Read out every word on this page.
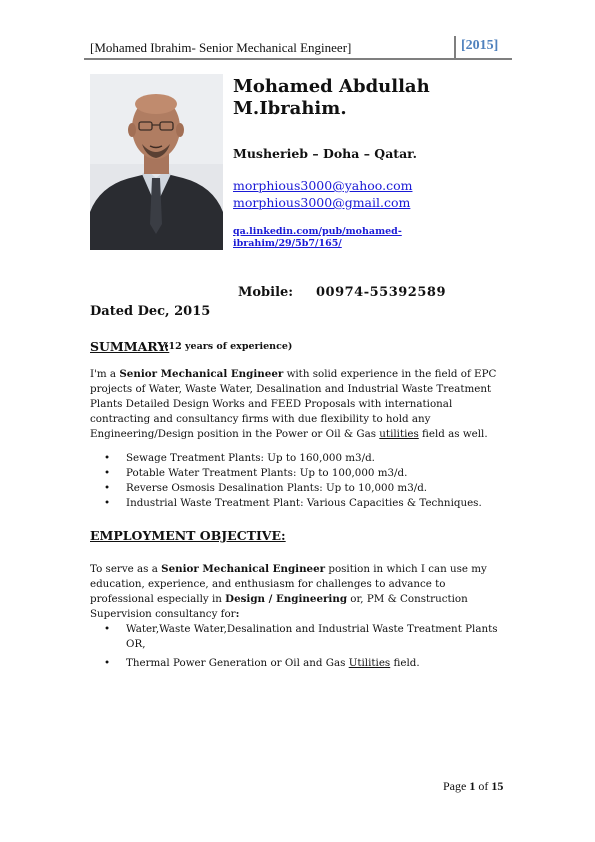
[Mohamed Ibrahim- Senior Mechanical Engineer]	[2015]
Mohamed Abdullah
M.Ibrahim.
Musherieb – Doha – Qatar.
morphious3000@yahoo.com
morphious3000@gmail.com
qa.linkedin.com/pub/mohamed-ibrahim/29/5b7/165/
Mobile: 00974-55392589
Dated Dec, 2015
SUMMARY:
(12 years of experience)
I'm a Senior Mechanical Engineer with solid experience in the field of EPC projects of Water, Waste Water, Desalination and Industrial Waste Treatment Plants Detailed Design Works and FEED Proposals with international contracting and consultancy firms with due flexibility to hold any Engineering/Design position in the Power or Oil & Gas utilities field as well.
• Sewage Treatment Plants: Up to 160,000 m3/d.
• Potable Water Treatment Plants: Up to 100,000 m3/d.
• Reverse Osmosis Desalination Plants: Up to 10,000 m3/d.
• Industrial Waste Treatment Plant: Various Capacities & Techniques.
EMPLOYMENT OBJECTIVE:
To serve as a Senior Mechanical Engineer position in which I can use my education, experience, and enthusiasm for challenges to advance to professional especially in Design / Engineering or, PM & Construction Supervision consultancy for:
• Water,Waste Water,Desalination and Industrial Waste Treatment Plants OR,
• Thermal Power Generation or Oil and Gas Utilities field.
Page 1 of 15
